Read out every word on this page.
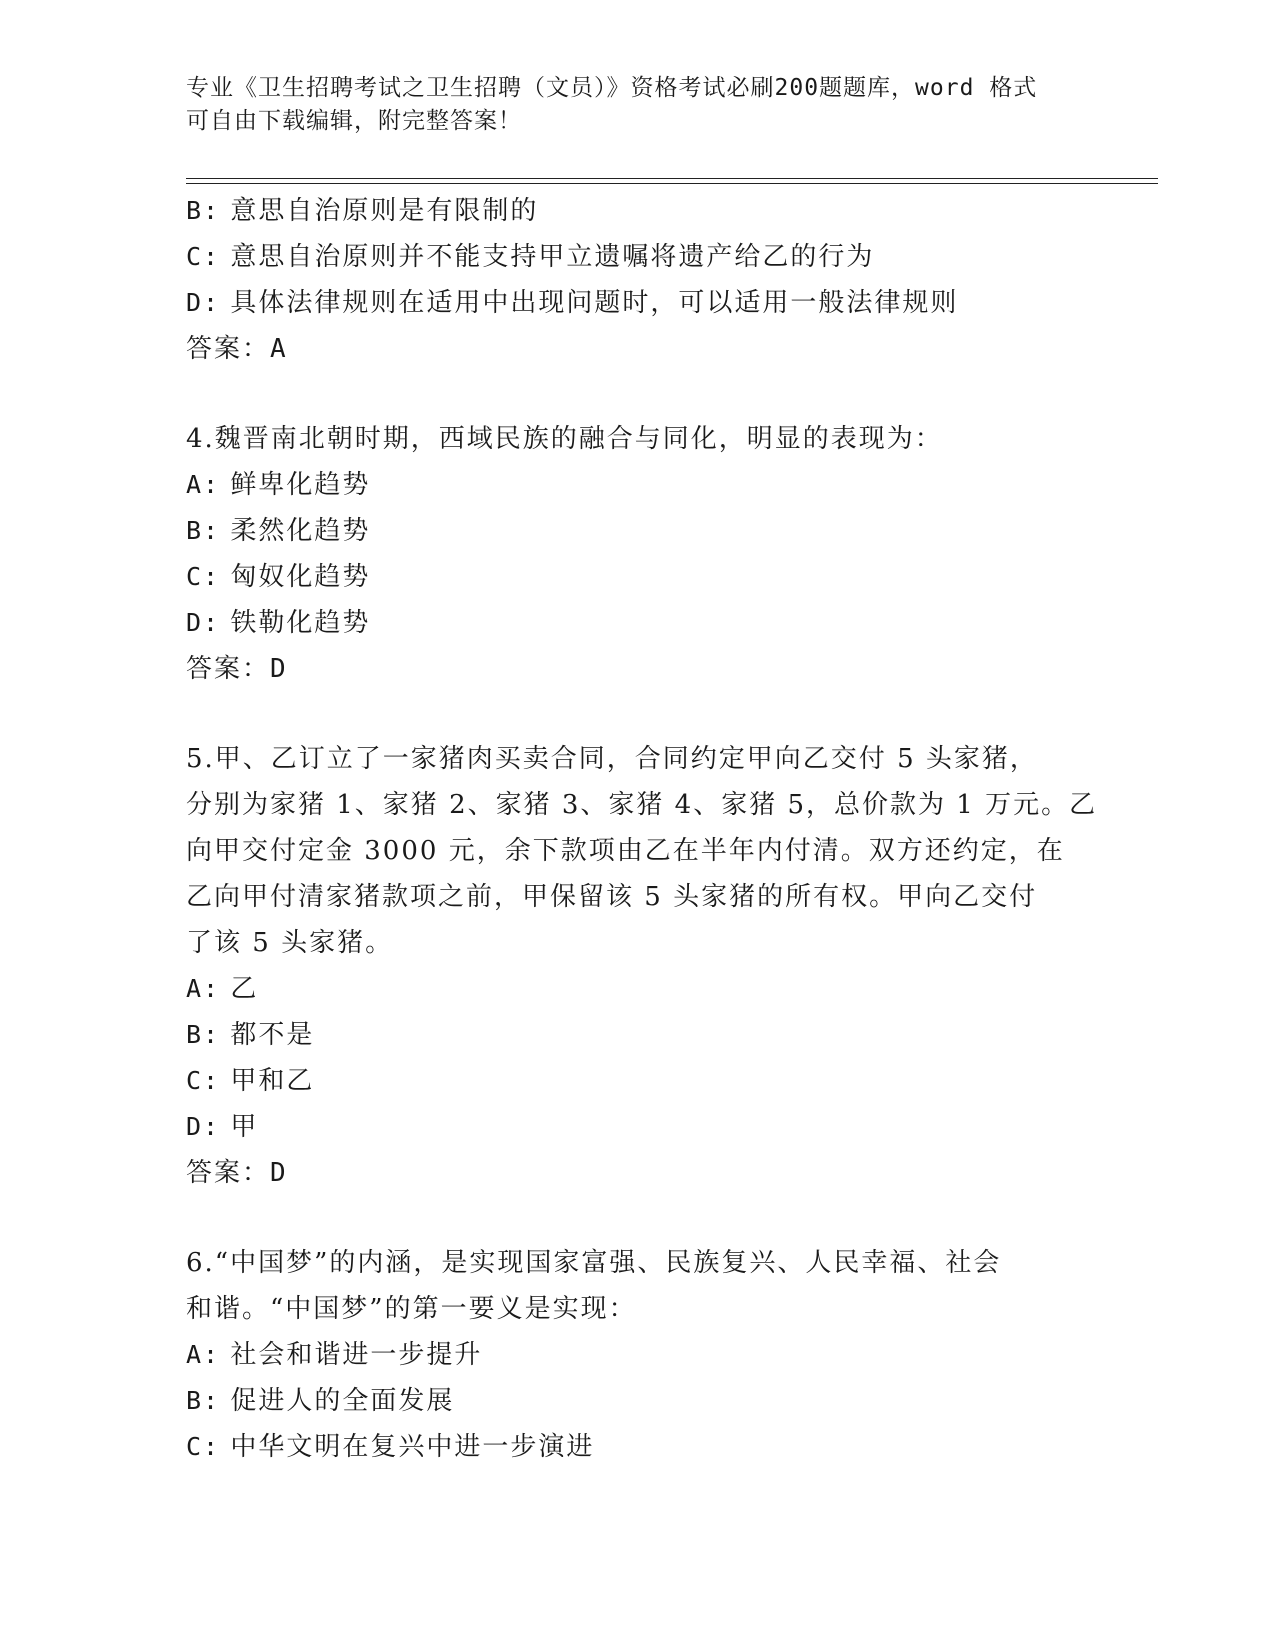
专业《卫生招聘考试之卫生招聘（文员）》资格考试必刷200题题库，word 格式
可自由下载编辑，附完整答案！
B: 意思自治原则是有限制的
C: 意思自治原则并不能支持甲立遗嘱将遗产给乙的行为
D: 具体法律规则在适用中出现问题时，可以适用一般法律规则
答案：A
4.魏晋南北朝时期，西域民族的融合与同化，明显的表现为：
A: 鲜卑化趋势
B: 柔然化趋势
C: 匈奴化趋势
D: 铁勒化趋势
答案：D
5.甲、乙订立了一家猪肉买卖合同，合同约定甲向乙交付 5 头家猪，
分别为家猪 1、家猪 2、家猪 3、家猪 4、家猪 5，总价款为 1 万元。乙
向甲交付定金 3000 元，余下款项由乙在半年内付清。双方还约定，在
乙向甲付清家猪款项之前，甲保留该 5 头家猪的所有权。甲向乙交付
了该 5 头家猪。
A: 乙
B: 都不是
C: 甲和乙
D: 甲
答案：D
6.“中国梦”的内涵，是实现国家富强、民族复兴、人民幸福、社会
和谐。“中国梦”的第一要义是实现：
A: 社会和谐进一步提升
B: 促进人的全面发展
C: 中华文明在复兴中进一步演进
